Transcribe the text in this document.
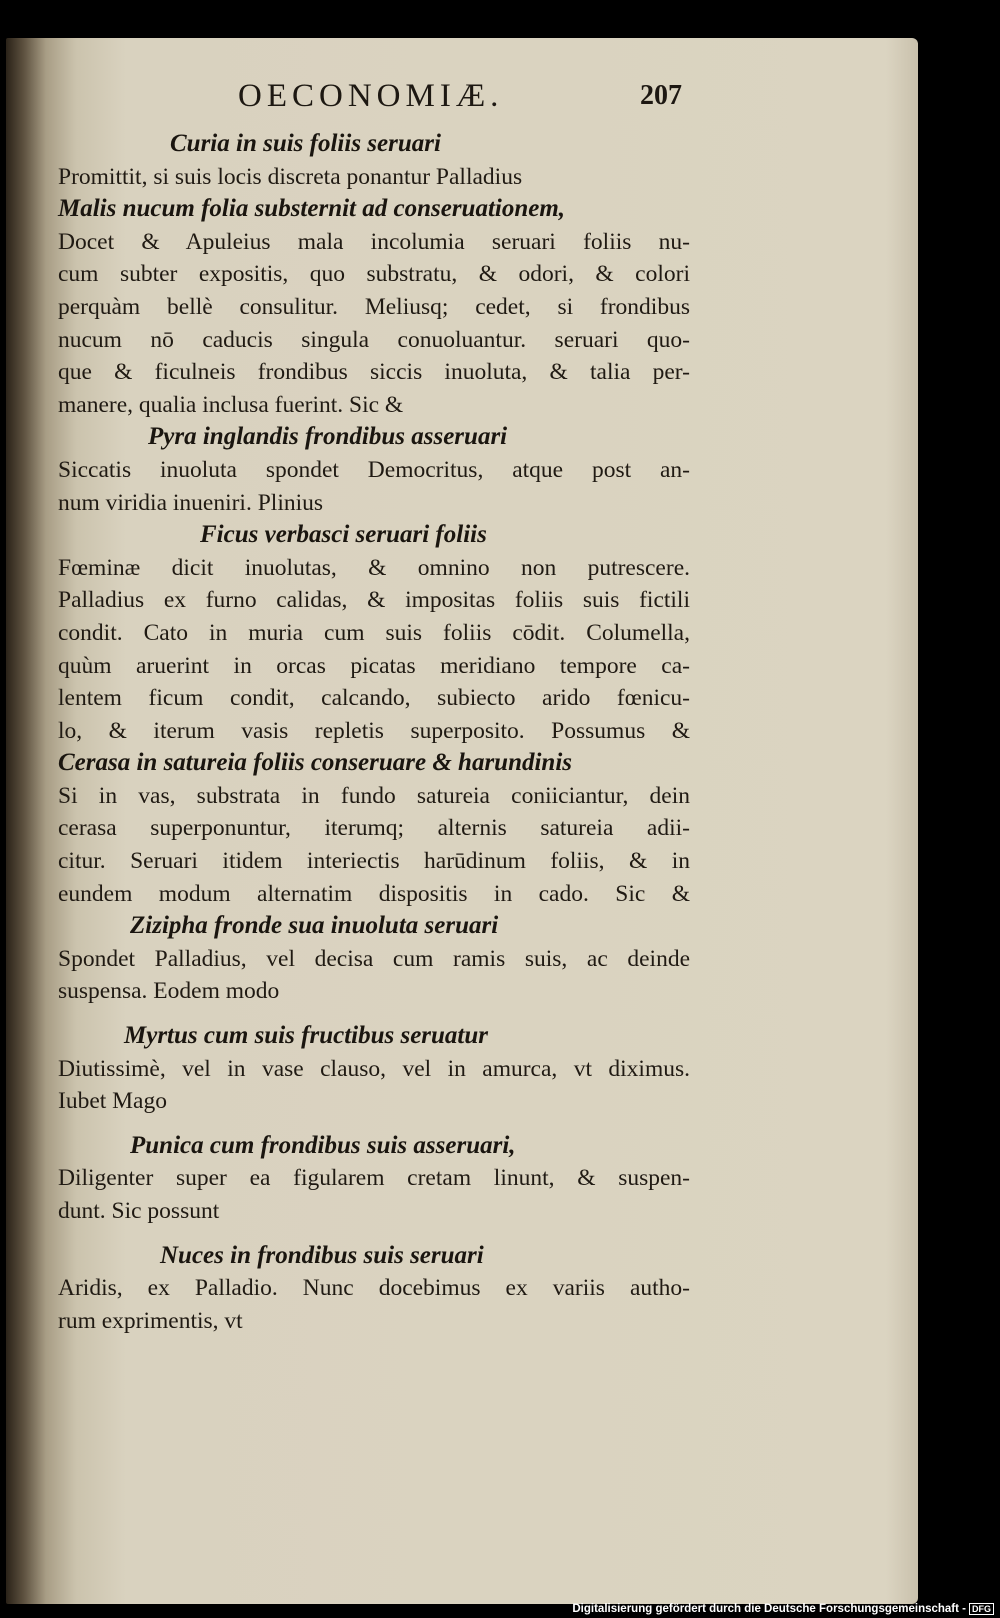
OECONOMIÆ.	207
Curia in suis foliis seruari
Promittit, si suis locis discreta ponantur Palladius
Malis nucum folia substernit ad conseruationem,
Docet & Apuleius mala incolumia seruari foliis nu-
cum subter expositis, quo substratu, & odori, & colori
perquàm bellè consulitur. Meliusq; cedet, si frondibus
nucum nō caducis singula conuoluantur. seruari quo-
que & ficulneis frondibus siccis inuoluta, & talia per-
manere, qualia inclusa fuerint. Sic &
Pyra inglandis frondibus asseruari
Siccatis inuoluta spondet Democritus, atque post an-
num viridia inueniri. Plinius
Ficus verbasci seruari foliis
Fœminæ dicit inuolutas, & omnino non putrescere.
Palladius ex furno calidas, & impositas foliis suis fictili
condit. Cato in muria cum suis foliis cōdit. Columella,
quùm aruerint in orcas picatas meridiano tempore ca-
lentem ficum condit, calcando, subiecto arido fœnicu-
lo, & iterum vasis repletis superposito. Possumus &
Cerasa in satureia foliis conseruare & harundinis
Si in vas, substrata in fundo satureia coniiciantur, dein
cerasa superponuntur, iterumq; alternis satureia adii-
citur. Seruari itidem interiectis harūdinum foliis, & in
eundem modum alternatim dispositis in cado. Sic &
Zizipha fronde sua inuoluta seruari
Spondet Palladius, vel decisa cum ramis suis, ac deinde
suspensa. Eodem modo
Myrtus cum suis fructibus seruatur
Diutissimè, vel in vase clauso, vel in amurca, vt diximus.
Iubet Mago
Punica cum frondibus suis asseruari,
Diligenter super ea figularem cretam linunt, & suspen-
dunt. Sic possunt
Nuces in frondibus suis seruari
Aridis, ex Palladio. Nunc docebimus ex variis autho-
rum exprimentis, vt
Digitalisierung gefördert durch die Deutsche Forschungsgemeinschaft - DFG
